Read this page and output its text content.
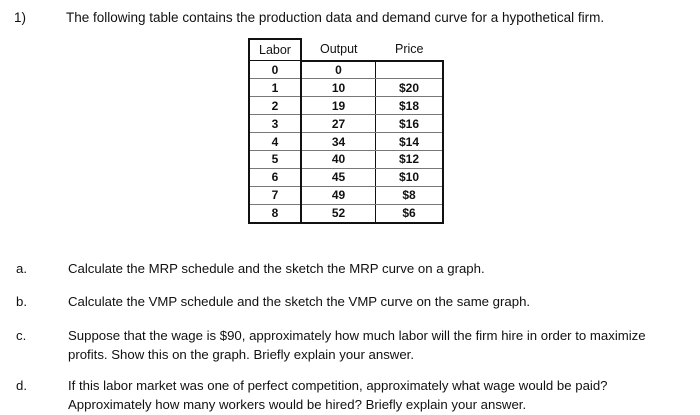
1)	The following table contains the production data and demand curve for a hypothetical firm.
Labor	Output	Price
0	0	
1	10	$20
2	19	$18
3	27	$16
4	34	$14
5	40	$12
6	45	$10
7	49	$8
8	52	$6
a.	Calculate the MRP schedule and the sketch the MRP curve on a graph.
b.	Calculate the VMP schedule and the sketch the VMP curve on the same graph.
c.	Suppose that the wage is $90, approximately how much labor will the firm hire in order to maximize profits. Show this on the graph. Briefly explain your answer.
d.	If this labor market was one of perfect competition, approximately what wage would be paid? Approximately how many workers would be hired? Briefly explain your answer.
